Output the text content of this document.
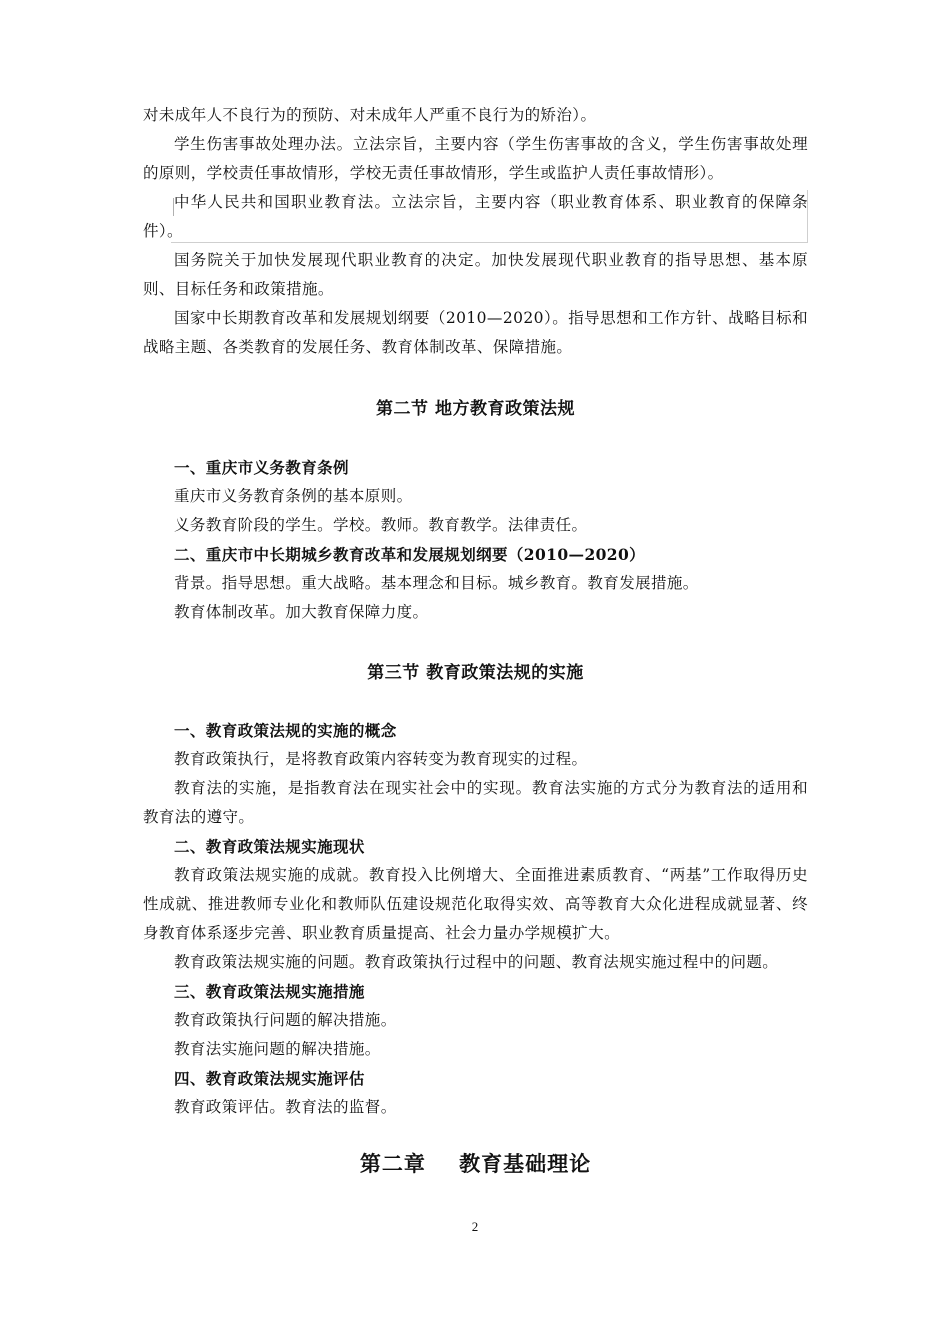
对未成年人不良行为的预防、对未成年人严重不良行为的矫治）。

学生伤害事故处理办法。立法宗旨，主要内容（学生伤害事故的含义，学生伤害事故处理的原则，学校责任事故情形，学校无责任事故情形，学生或监护人责任事故情形）。

中华人民共和国职业教育法。立法宗旨，主要内容（职业教育体系、职业教育的保障条件）。

国务院关于加快发展现代职业教育的决定。加快发展现代职业教育的指导思想、基本原则、目标任务和政策措施。

国家中长期教育改革和发展规划纲要（2010—2020）。指导思想和工作方针、战略目标和战略主题、各类教育的发展任务、教育体制改革、保障措施。

第二节 地方教育政策法规

一、重庆市义务教育条例

重庆市义务教育条例的基本原则。

义务教育阶段的学生。学校。教师。教育教学。法律责任。

二、重庆市中长期城乡教育改革和发展规划纲要（2010—2020）

背景。指导思想。重大战略。基本理念和目标。城乡教育。教育发展措施。

教育体制改革。加大教育保障力度。

第三节 教育政策法规的实施

一、教育政策法规的实施的概念

教育政策执行，是将教育政策内容转变为教育现实的过程。

教育法的实施，是指教育法在现实社会中的实现。教育法实施的方式分为教育法的适用和教育法的遵守。

二、教育政策法规实施现状

教育政策法规实施的成就。教育投入比例增大、全面推进素质教育、“两基”工作取得历史性成就、推进教师专业化和教师队伍建设规范化取得实效、高等教育大众化进程成就显著、终身教育体系逐步完善、职业教育质量提高、社会力量办学规模扩大。

教育政策法规实施的问题。教育政策执行过程中的问题、教育法规实施过程中的问题。

三、教育政策法规实施措施

教育政策执行问题的解决措施。

教育法实施问题的解决措施。

四、教育政策法规实施评估

教育政策评估。教育法的监督。

第二章    教育基础理论

2
